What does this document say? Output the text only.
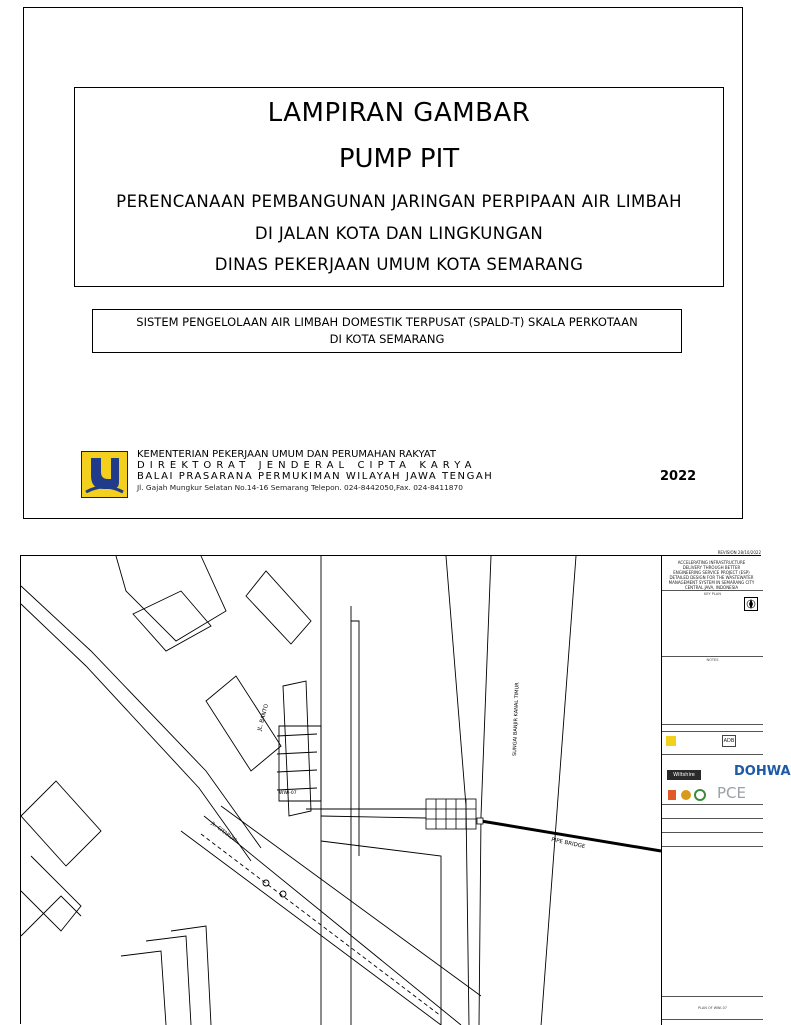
LAMPIRAN GAMBAR
PUMP PIT
PERENCANAAN PEMBANGUNAN JARINGAN PERPIPAAN AIR LIMBAH
DI JALAN KOTA DAN LINGKUNGAN
DINAS PEKERJAAN UMUM KOTA SEMARANG
SISTEM PENGELOLAAN AIR LIMBAH DOMESTIK TERPUSAT (SPALD-T) SKALA PERKOTAAN
DI KOTA SEMARANG
KEMENTERIAN PEKERJAAN UMUM DAN PERUMAHAN RAKYAT
DIREKTORAT JENDERAL CIPTA KARYA
BALAI PRASARANA PERMUKIMAN WILAYAH JAWA TENGAH
Jl. Gajah Mungkur Selatan No.14-16 Semarang Telepon. 024-8442050,Fax. 024-8411870
2022
JL. BANTO
WWI-07
SUNGAI BANJIR KANAL TIMUR
PIPE BRIDGE
JL. CITARUM
REVISION 28/10/2022
ACCELERATING INFRASTRUCTURE
DELIVERY THROUGH BETTER
ENGINEERING SERVICE PROJECT (ESP)
DETAILED DESIGN FOR THE WASTEWATER
MANAGEMENT SYSTEM IN SEMARANG CITY
CENTRAL JAVA, INDONESIA
KEY PLAN
NOTES
ADB
Wiltshire	DOHWA
PCE
PLAN OF WWI-07
